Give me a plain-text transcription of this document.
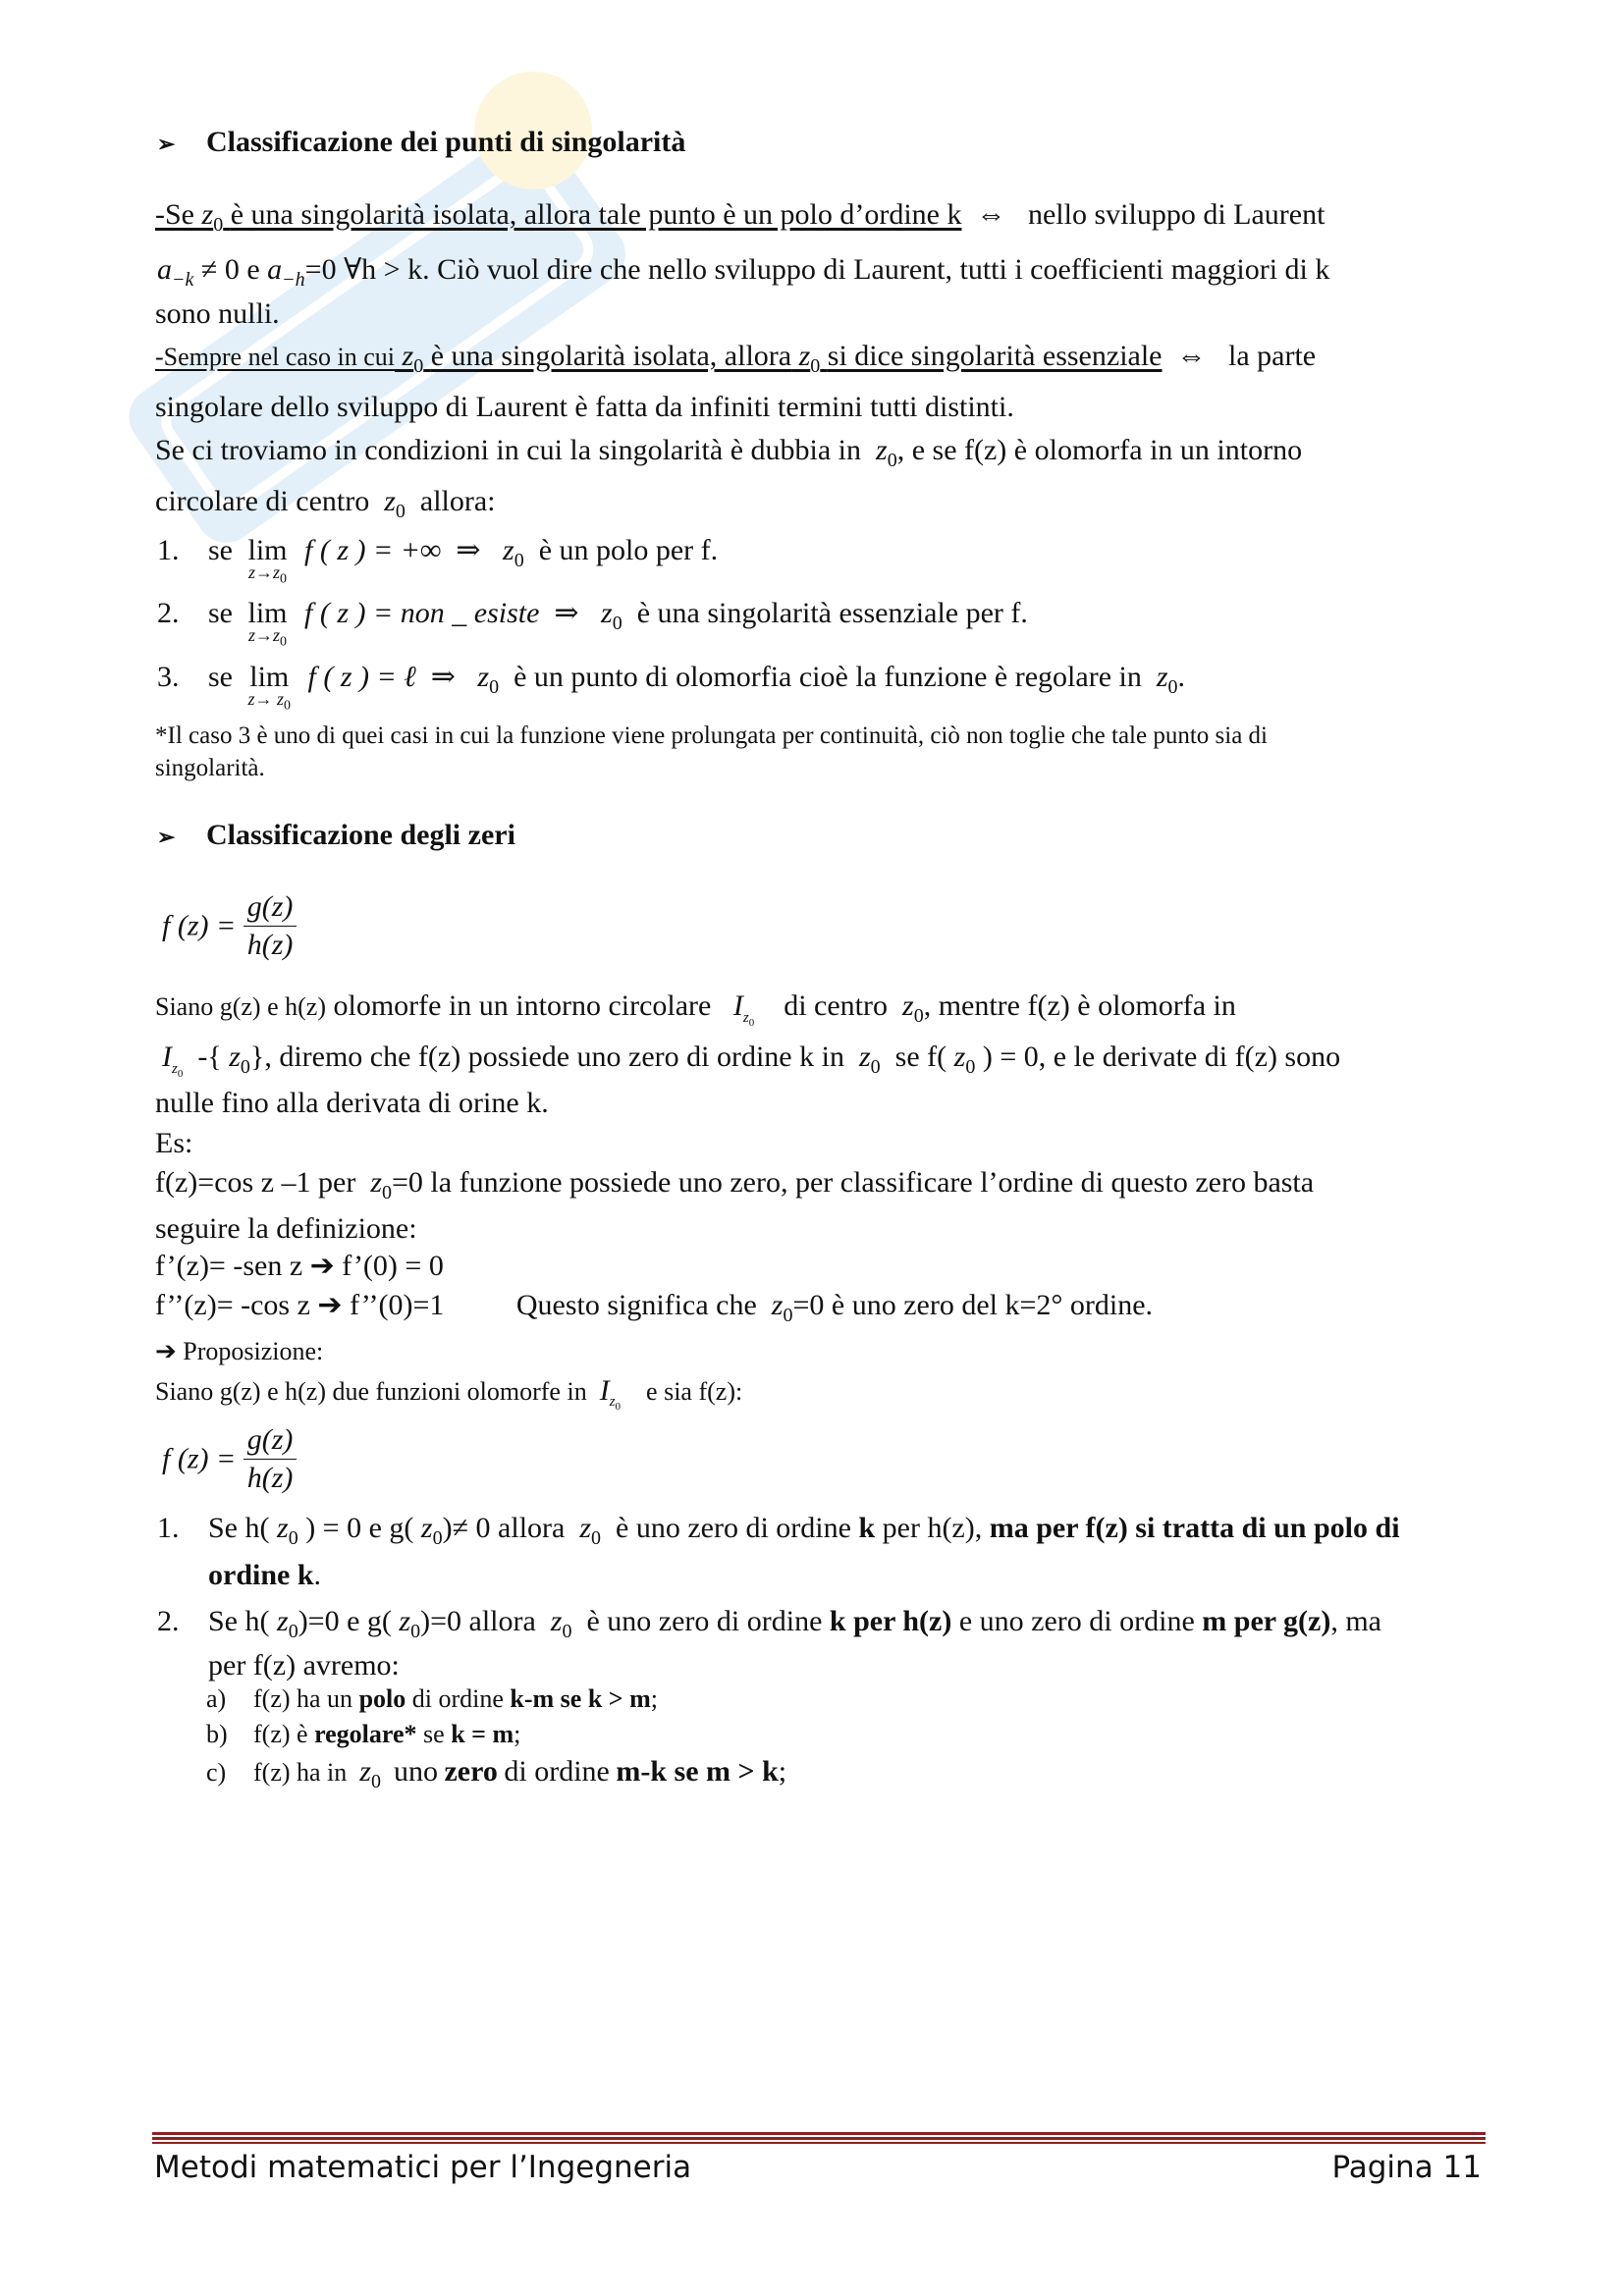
➢ Classificazione dei punti di singolarità
-Se $z_0$ è una singolarità isolata, allora tale punto è un polo d’ordine k  ⇔   nello sviluppo di Laurent
$a_{-k} \ne 0$ e $a_{-h}=0$ ∀h > k. Ciò vuol dire che nello sviluppo di Laurent, tutti i coefficienti maggiori di k
sono nulli.
-Sempre nel caso in cui $z_0$ è una singolarità isolata, allora $z_0$ si dice singolarità essenziale  ⇔   la parte
singolare dello sviluppo di Laurent è fatta da infiniti termini tutti distinti.
Se ci troviamo in condizioni in cui la singolarità è dubbia in $z_0$, e se f(z) è olomorfa in un intorno
circolare di centro $z_0$ allora:
1. se lim
$z\to z_0$
f ( z ) = +∞  ⇒   $z_0$ è un polo per f.
2. se lim
$z\to z_0$
f ( z ) = non _ esiste  ⇒   $z_0$ è una singolarità essenziale per f.
3. se lim
$z\to z_0$
f ( z ) = ℓ  ⇒   $z_0$ è un punto di olomorfia cioè la funzione è regolare in $z_0$.
*Il caso 3 è uno di quei casi in cui la funzione viene prolungata per continuità, ciò non toglie che tale punto sia di
singolarità.
➢ Classificazione degli zeri
f $(z) = \frac{g(z)}{h(z)}$
Siano g(z) e h(z) olomorfe in un intorno circolare $I_{z_0}$    di centro $z_0$, mentre f(z) è olomorfa in
$I_{z_0}$  -{ $z_0$}, diremo che f(z) possiede uno zero di ordine k in $z_0$ se f( $z_0$ ) = 0, e le derivate di f(z) sono
nulle fino alla derivata di orine k.
Es:
f(z)=cos z –1 per $z_0=0$ la funzione possiede uno zero, per classificare l’ordine di questo zero basta
seguire la definizione:
f’(z)= -sen z ➔ f’(0) = 0
f’’(z)= -cos z ➔ f’’(0)=1 Questo significa che $z_0=0$ è uno zero del k=2° ordine.
➔ Proposizione:
Siano g(z) e h(z) due funzioni olomorfe in $I_{z_0}$    e sia f(z):
f $(z) = \frac{g(z)}{h(z)}$
1. Se h( $z_0$ ) = 0 e g( $z_0)\ne 0$ allora $z_0$ è uno zero di ordine k per h(z), ma per f(z) si tratta di un polo di
ordine k.
2. Se h( $z_0)=0$ e g( $z_0)=0$ allora $z_0$ è uno zero di ordine k per h(z) e uno zero di ordine m per g(z), ma
per f(z) avremo:
a) f(z) ha un polo di ordine k-m se k > m;
b) f(z) è regolare* se k = m;
c) f(z) ha in $z_0$ uno zero di ordine m-k se m > k;
Metodi matematici per l’Ingegneria	Pagina 11
